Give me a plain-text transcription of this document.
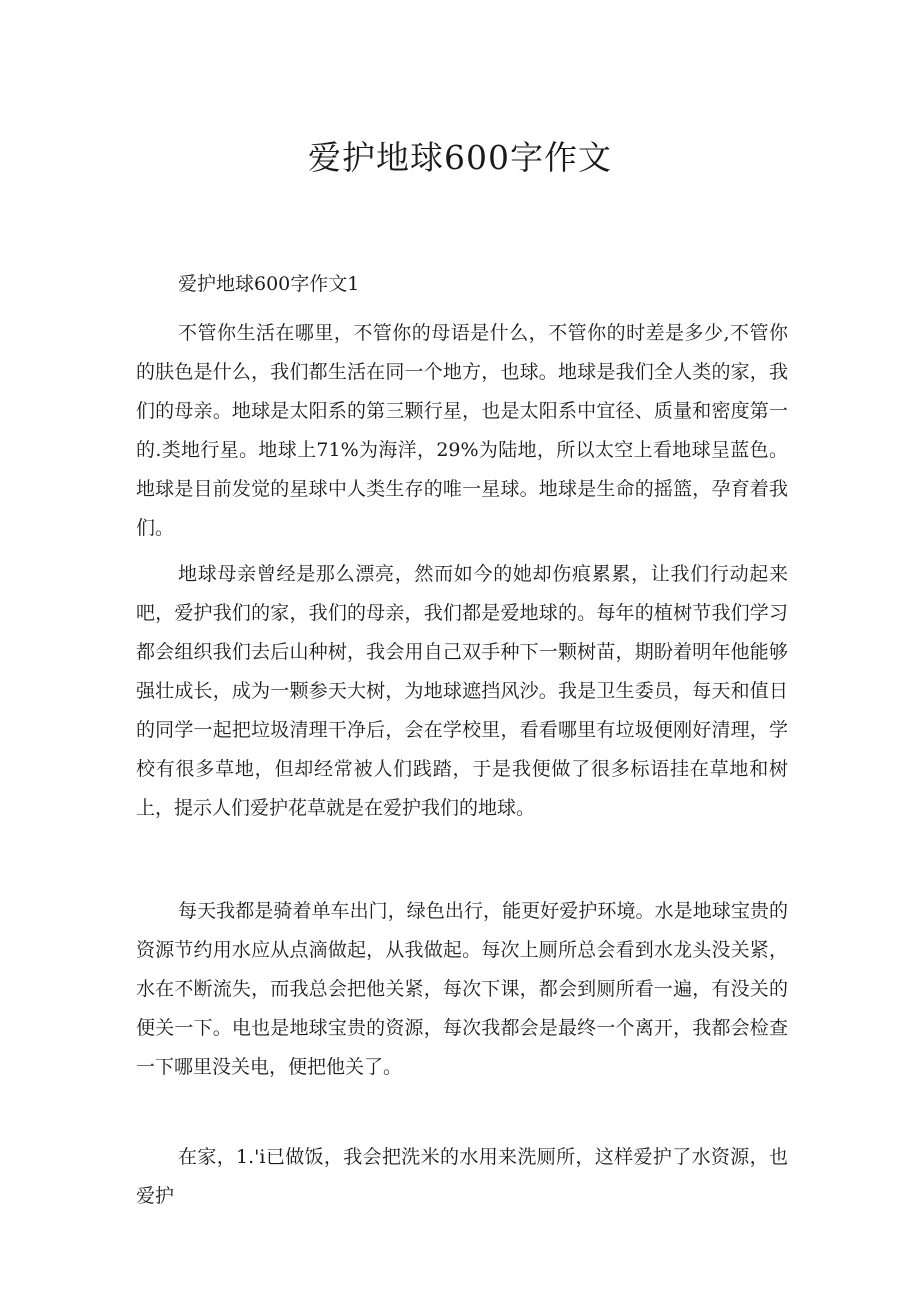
爱护地球600字作文

爱护地球600字作文1

不管你生活在哪里，不管你的母语是什么，不管你的时差是多少,不管你的肤色是什么，我们都生活在同一个地方，也球。地球是我们全人类的家，我们的母亲。地球是太阳系的第三颗行星，也是太阳系中宜径、质量和密度第一的.类地行星。地球上71%为海洋，29%为陆地，所以太空上看地球呈蓝色。地球是目前发觉的星球中人类生存的唯一星球。地球是生命的摇篮，孕育着我们。

地球母亲曾经是那么漂亮，然而如今的她却伤痕累累，让我们行动起来吧，爱护我们的家，我们的母亲，我们都是爱地球的。每年的植树节我们学习都会组织我们去后山种树，我会用自己双手种下一颗树苗，期盼着明年他能够强壮成长，成为一颗参天大树，为地球遮挡风沙。我是卫生委员，每天和值日的同学一起把垃圾清理干净后，会在学校里，看看哪里有垃圾便刚好清理，学校有很多草地，但却经常被人们践踏，于是我便做了很多标语挂在草地和树上，提示人们爱护花草就是在爱护我们的地球。

每天我都是骑着单车出门，绿色出行，能更好爱护环境。水是地球宝贵的资源节约用水应从点滴做起，从我做起。每次上厕所总会看到水龙头没关紧，水在不断流失，而我总会把他关紧，每次下课，都会到厕所看一遍，有没关的便关一下。电也是地球宝贵的资源，每次我都会是最终一个离开，我都会检查一下哪里没关电，便把他关了。

在家，1.'i已做饭，我会把洗米的水用来洗厕所，这样爱护了水资源，也爱护
